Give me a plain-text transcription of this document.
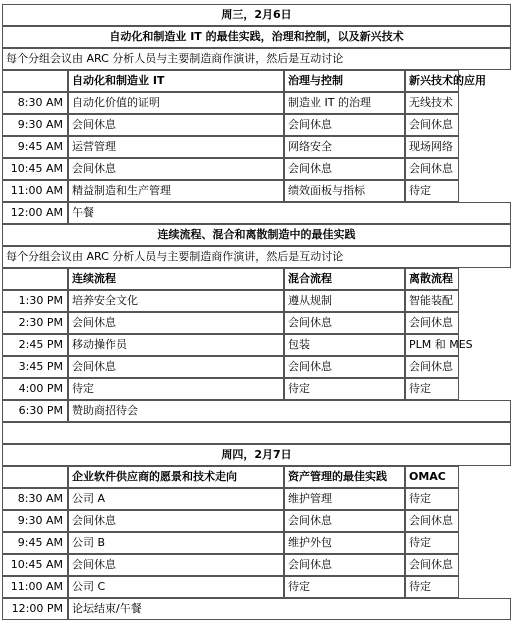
周三，2月6日
自动化和制造业 IT 的最佳实践，治理和控制，以及新兴技术
每个分组会议由 ARC 分析人员与主要制造商作演讲，然后是互动讨论
自动化和制造业 IT	治理与控制	新兴技术的应用
8:30 AM 自动化价值的证明	制造业 IT 的治理	无线技术
9:30 AM 会间休息	会间休息	会间休息
9:45 AM 运营管理	网络安全	现场网络
10:45 AM 会间休息	会间休息	会间休息
11:00 AM 精益制造和生产管理	绩效面板与指标	待定
12:00 AM 午餐
连续流程、混合和离散制造中的最佳实践
每个分组会议由 ARC 分析人员与主要制造商作演讲，然后是互动讨论
连续流程	混合流程	离散流程
1:30 PM 培养安全文化	遵从规制	智能装配
2:30 PM 会间休息	会间休息	会间休息
2:45 PM 移动操作员	包装	PLM 和 MES
3:45 PM 会间休息	会间休息	会间休息
4:00 PM 待定	待定	待定
6:30 PM 赞助商招待会
周四，2月7日
企业软件供应商的愿景和技术走向	资产管理的最佳实践	OMAC
8:30 AM 公司 A	维护管理	待定
9:30 AM 会间休息	会间休息	会间休息
9:45 AM 公司 B	维护外包	待定
10:45 AM 会间休息	会间休息	会间休息
11:00 AM 公司 C	待定	待定
12:00 PM 论坛结束/午餐
